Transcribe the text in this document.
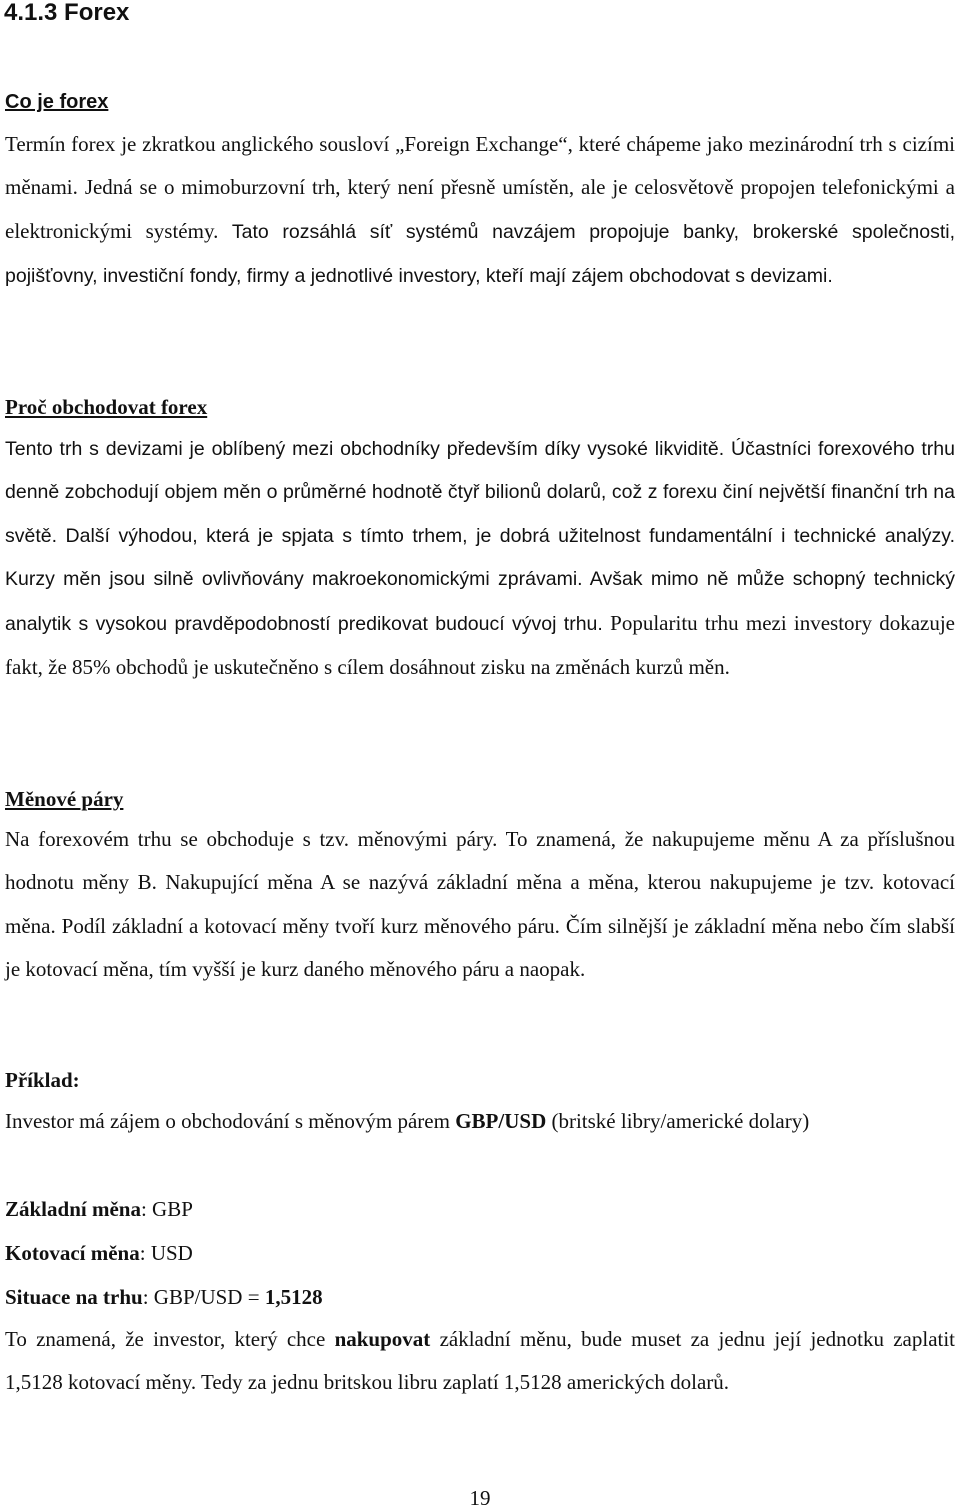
4.1.3 Forex
Co je forex

Termín forex je zkratkou anglického sousloví „Foreign Exchange“, které chápeme jako mezinárodní trh s cizími měnami. Jedná se o mimoburzovní trh, který není přesně umístěn, ale je celosvětově propojen telefonickými a elektronickými systémy. Tato rozsáhlá síť systémů navzájem propojuje banky, brokerské společnosti, pojišťovny, investiční fondy, firmy a jednotlivé investory, kteří mají zájem obchodovat s devizami.

Proč obchodovat forex

Tento trh s devizami je oblíbený mezi obchodníky především díky vysoké likviditě. Účastníci forexového trhu denně zobchodují objem měn o průměrné hodnotě čtyř bilionů dolarů, což z forexu činí největší finanční trh na světě. Další výhodou, která je spjata s tímto trhem, je dobrá užitelnost fundamentální i technické analýzy. Kurzy měn jsou silně ovlivňovány makroekonomickými zprávami. Avšak mimo ně může schopný technický analytik s vysokou pravděpodobností predikovat budoucí vývoj trhu. Popularitu trhu mezi investory dokazuje fakt, že 85% obchodů je uskutečněno s cílem dosáhnout zisku na změnách kurzů měn.

Měnové páry

Na forexovém trhu se obchoduje s tzv. měnovými páry. To znamená, že nakupujeme měnu A za příslušnou hodnotu měny B. Nakupující měna A se nazývá základní měna a měna, kterou nakupujeme je tzv. kotovací měna. Podíl základní a kotovací měny tvoří kurz měnového páru. Čím silnější je základní měna nebo čím slabší je kotovací měna, tím vyšší je kurz daného měnového páru a naopak.

Příklad:

Investor má zájem o obchodování s měnovým párem GBP/USD (britské libry/americké dolary)

Základní měna: GBP

Kotovací měna: USD

Situace na trhu: GBP/USD = 1,5128

To znamená, že investor, který chce nakupovat základní měnu, bude muset za jednu její jednotku zaplatit 1,5128 kotovací měny. Tedy za jednu britskou libru zaplatí 1,5128 amerických dolarů.

19
